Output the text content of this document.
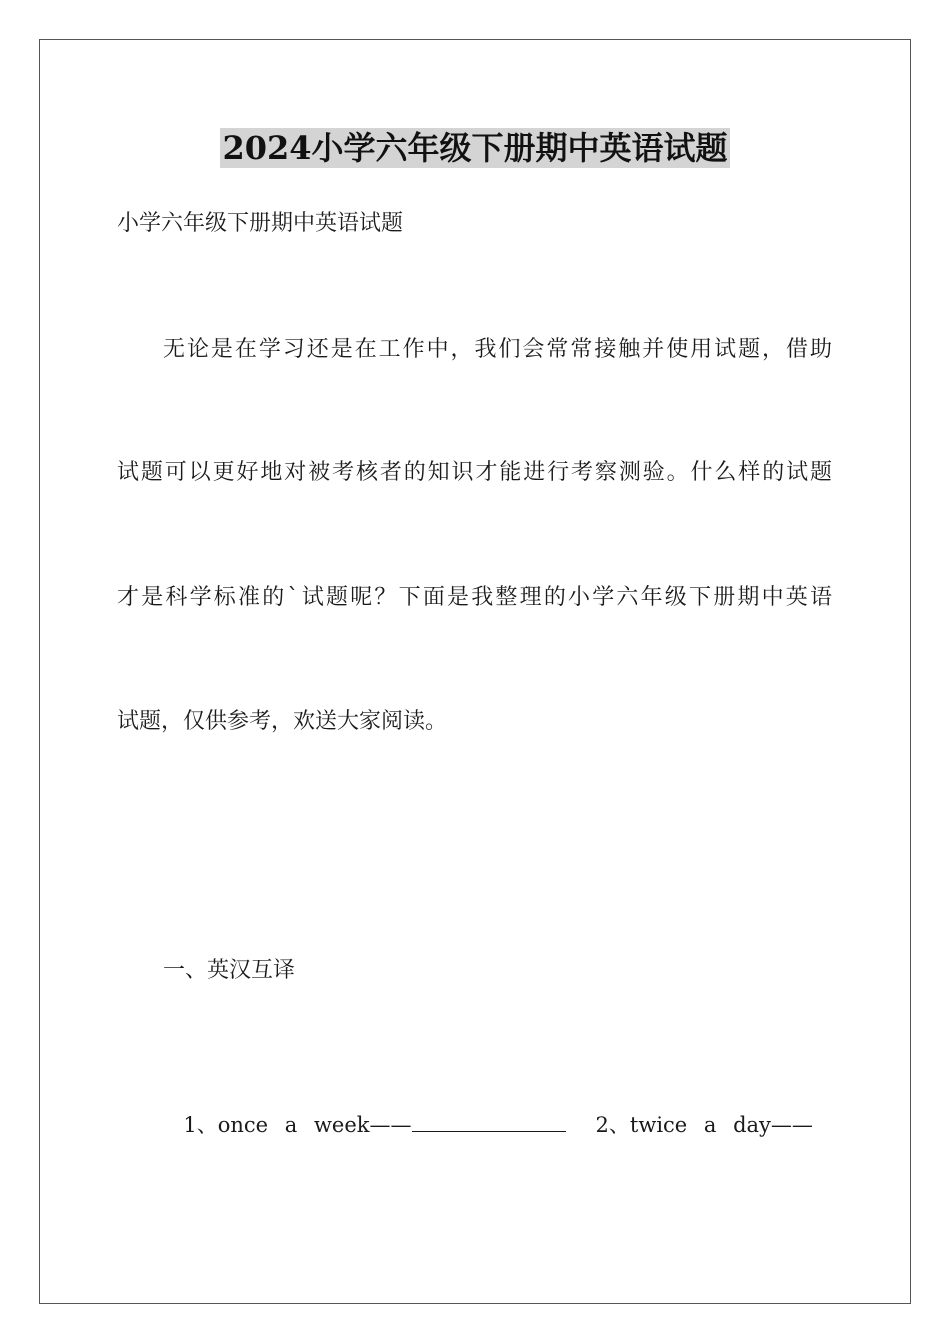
2024小学六年级下册期中英语试题
小学六年级下册期中英语试题
无论是在学习还是在工作中，我们会常常接触并使用试题，借助
试题可以更好地对被考核者的知识才能进行考察测验。什么样的试题
才是科学标准的`试题呢？下面是我整理的小学六年级下册期中英语
试题，仅供参考，欢送大家阅读。
一、英汉互译

1、once a week——	2、twice a day——
